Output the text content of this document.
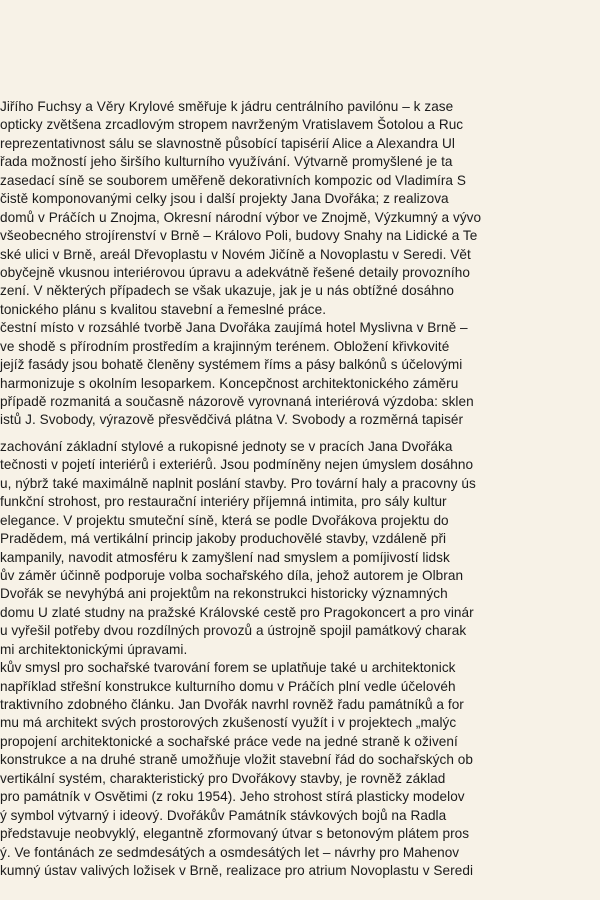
Jiřího Fuchsy a Věry Krylové směřuje k jádru centrálního pavilónu – k zase
opticky zvětšena zrcadlovým stropem navrženým Vratislavem Šotolou a Ruc
reprezentativnost sálu se slavnostně působící tapisérií Alice a Alexandra Ul
řada možností jeho širšího kulturního využívání. Výtvarně promyšlené je ta
zasedací síně se souborem uměřeně dekorativních kompozic od Vladimíra S
čistě komponovanými celky jsou i další projekty Jana Dvořáka; z realizova
domů v Práčích u Znojma, Okresní národní výbor ve Znojmě, Výzkumný a vývo
všeobecného strojírenství v Brně – Královo Poli, budovy Snahy na Lidické a Te
ské ulici v Brně, areál Dřevoplastu v Novém Jičíně a Novoplastu v Seredi. Vět
obyčejně vkusnou interiérovou úpravu a adekvátně řešené detaily provozního
zení. V některých případech se však ukazuje, jak je u nás obtížné dosáhno
tonického plánu s kvalitou stavební a řemeslné práce.
čestní místo v rozsáhlé tvorbě Jana Dvořáka zaujímá hotel Myslivna v Brně –
ve shodě s přírodním prostředím a krajinným terénem. Obložení křivkovité
jejíž fasády jsou bohatě členěny systémem říms a pásy balkónů s účelovými
harmonizuje s okolním lesoparkem. Koncepčnost architektonického záměru
případě rozmanitá a současně názorově vyrovnaná interiérová výzdoba: sklen
istů J. Svobody, výrazově přesvědčivá plátna V. Svobody a rozměrná tapisér
zachování základní stylové a rukopisné jednoty se v pracích Jana Dvořáka
tečnosti v pojetí interiérů i exteriérů. Jsou podmíněny nejen úmyslem dosáhno
u, nýbrž také maximálně naplnit poslání stavby. Pro tovární haly a pracovny ús
funkční strohost, pro restaurační interiéry příjemná intimita, pro sály kultur
elegance. V projektu smuteční síně, která se podle Dvořákova projektu do
Pradědem, má vertikální princip jakoby produchovělé stavby, vzdáleně při
kampanily, navodit atmosféru k zamyšlení nad smyslem a pomíjivostí lidsk
ův záměr účinně podporuje volba sochařského díla, jehož autorem je Olbran
Dvořák se nevyhýbá ani projektům na rekonstrukci historicky významných
domu U zlaté studny na pražské Královské cestě pro Pragokoncert a pro vinár
u vyřešil potřeby dvou rozdílných provozů a ústrojně spojil památkový charak
mi architektonickými úpravami.
kův smysl pro sochařské tvarování forem se uplatňuje také u architektonick
například střešní konstrukce kulturního domu v Práčích plní vedle účelovéh
traktivního zdobného článku. Jan Dvořák navrhl rovněž řadu památníků a for
mu má architekt svých prostorových zkušeností využít i v projektech „malýc
propojení architektonické a sochařské práce vede na jedné straně k oživení
konstrukce a na druhé straně umožňuje vložit stavební řád do sochařských ob
vertikální systém, charakteristický pro Dvořákovy stavby, je rovněž základ
pro památník v Osvětimi (z roku 1954). Jeho strohost stírá plasticky modelov
ý symbol výtvarný i ideový. Dvořákův Památník stávkových bojů na Radla
představuje neobvyklý, elegantně zformovaný útvar s betonovým plátem pros
ý. Ve fontánách ze sedmdesátých a osmdesátých let – návrhy pro Mahenov
kumný ústav valivých ložisek v Brně, realizace pro atrium Novoplastu v Seredi
